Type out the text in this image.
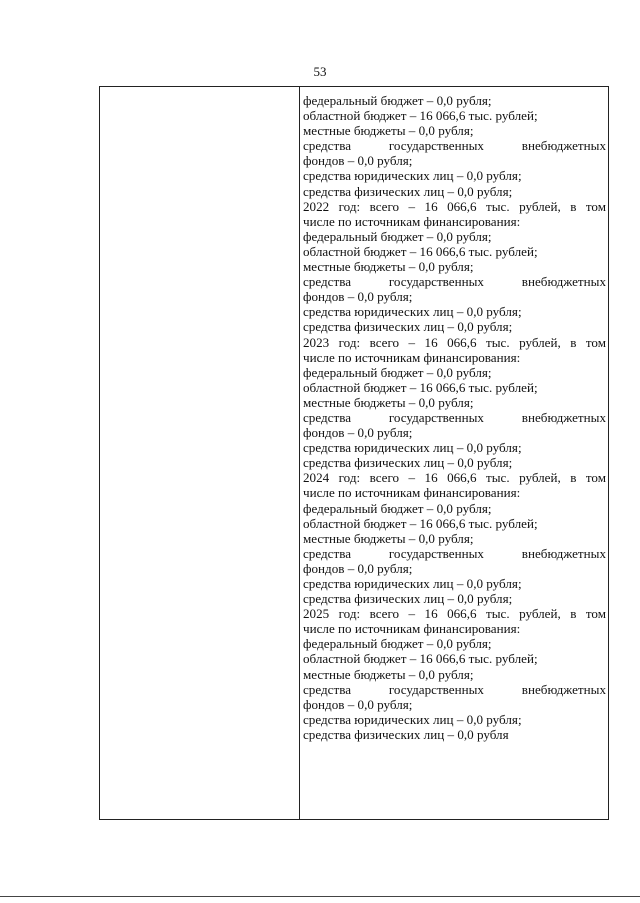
53
федеральный бюджет – 0,0 рубля;
областной бюджет – 16 066,6 тыс. рублей;
местные бюджеты – 0,0 рубля;
средства государственных внебюджетных
фондов – 0,0 рубля;
средства юридических лиц – 0,0 рубля;
средства физических лиц – 0,0 рубля;
2022 год: всего – 16 066,6 тыс. рублей, в том
числе по источникам финансирования:
федеральный бюджет – 0,0 рубля;
областной бюджет – 16 066,6 тыс. рублей;
местные бюджеты – 0,0 рубля;
средства государственных внебюджетных
фондов – 0,0 рубля;
средства юридических лиц – 0,0 рубля;
средства физических лиц – 0,0 рубля;
2023 год: всего – 16 066,6 тыс. рублей, в том
числе по источникам финансирования:
федеральный бюджет – 0,0 рубля;
областной бюджет – 16 066,6 тыс. рублей;
местные бюджеты – 0,0 рубля;
средства государственных внебюджетных
фондов – 0,0 рубля;
средства юридических лиц – 0,0 рубля;
средства физических лиц – 0,0 рубля;
2024 год: всего – 16 066,6 тыс. рублей, в том
числе по источникам финансирования:
федеральный бюджет – 0,0 рубля;
областной бюджет – 16 066,6 тыс. рублей;
местные бюджеты – 0,0 рубля;
средства государственных внебюджетных
фондов – 0,0 рубля;
средства юридических лиц – 0,0 рубля;
средства физических лиц – 0,0 рубля;
2025 год: всего – 16 066,6 тыс. рублей, в том
числе по источникам финансирования:
федеральный бюджет – 0,0 рубля;
областной бюджет – 16 066,6 тыс. рублей;
местные бюджеты – 0,0 рубля;
средства государственных внебюджетных
фондов – 0,0 рубля;
средства юридических лиц – 0,0 рубля;
средства физических лиц – 0,0 рубля
